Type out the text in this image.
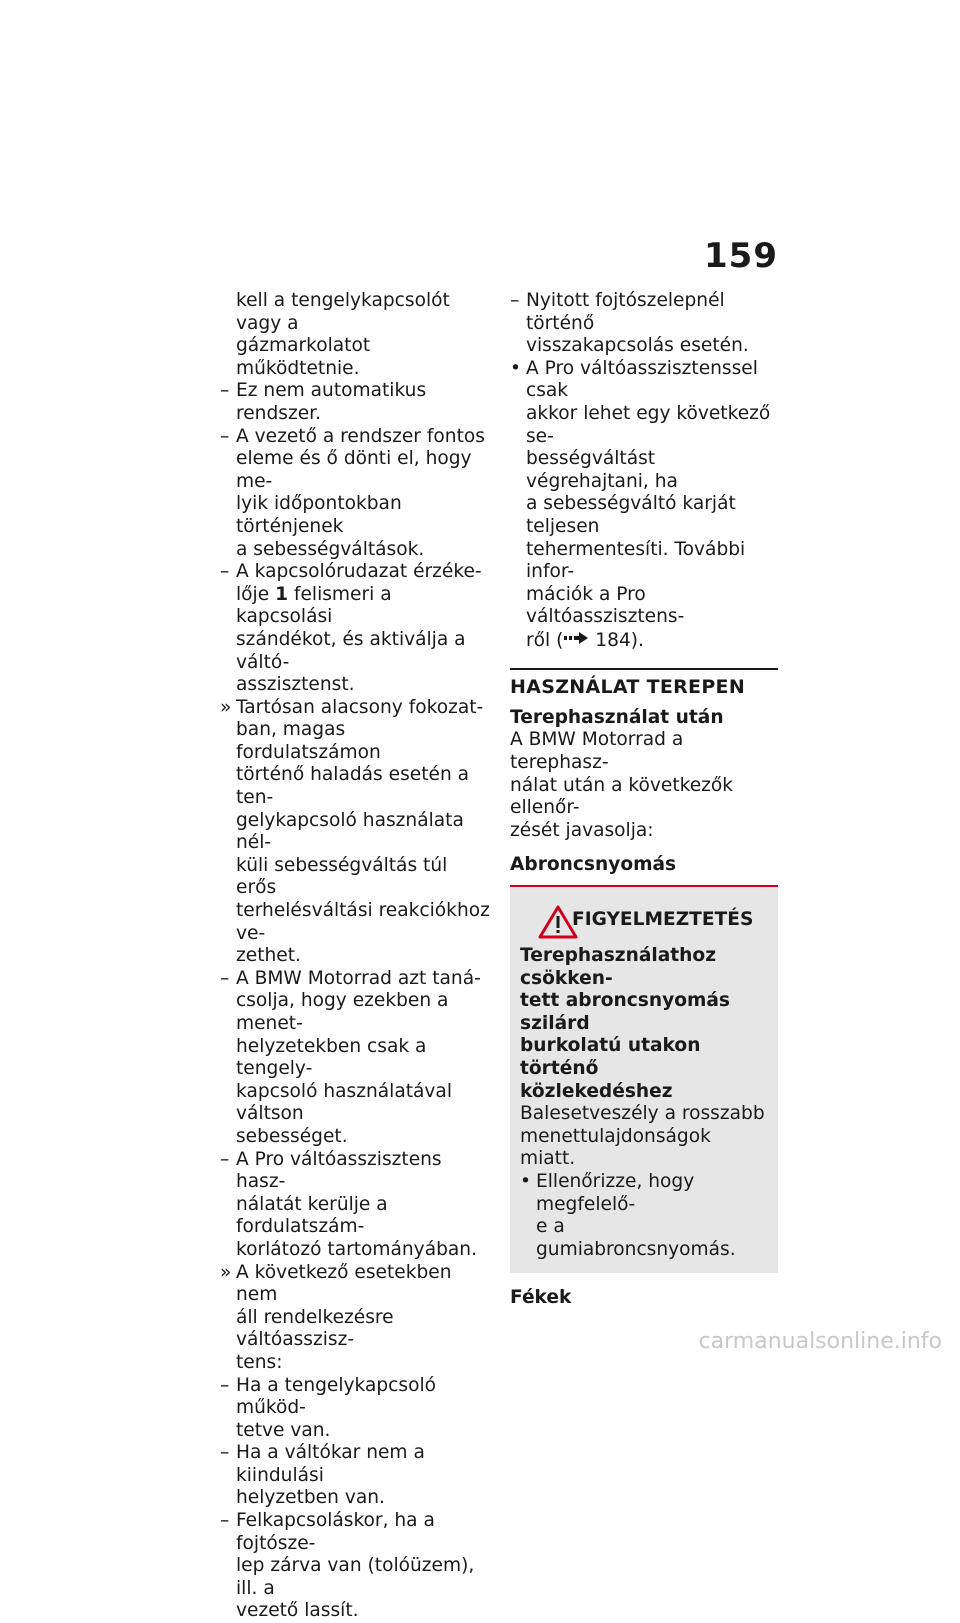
159
kell a tengelykapcsolót vagy a
gázmarkolatot működtetnie.
– Ez nem automatikus rendszer.
– A vezető a rendszer fontos
eleme és ő dönti el, hogy me-
lyik időpontokban történjenek
a sebességváltások.
– A kapcsolórudazat érzéke-
lője 1 felismeri a kapcsolási
szándékot, és aktiválja a váltó-
asszisztenst.
» Tartósan alacsony fokozat-
ban, magas fordulatszámon
történő haladás esetén a ten-
gelykapcsoló használata nél-
küli sebességváltás túl erős
terhelésváltási reakciókhoz ve-
zethet.
– A BMW Motorrad azt taná-
csolja, hogy ezekben a menet-
helyzetekben csak a tengely-
kapcsoló használatával váltson
sebességet.
– A Pro váltóasszisztens hasz-
nálatát kerülje a fordulatszám-
korlátozó tartományában.
» A következő esetekben nem
áll rendelkezésre váltóasszisz-
tens:
– Ha a tengelykapcsoló működ-
tetve van.
– Ha a váltókar nem a kiindulási
helyzetben van.
– Felkapcsoláskor, ha a fojtósze-
lep zárva van (tolóüzem), ill. a
vezető lassít.
– Nyitott fojtószelepnél történő
visszakapcsolás esetén.
• A Pro váltóasszisztenssel csak
akkor lehet egy következő se-
bességváltást végrehajtani, ha
a sebességváltó karját teljesen
tehermentesíti. További infor-
mációk a Pro váltóasszisztens-
ről ( 184).
HASZNÁLAT TEREPEN
Terephasználat után
A BMW Motorrad a terephasz-
nálat után a következők ellenőr-
zését javasolja:
Abroncsnyomás
FIGYELMEZTETÉS
Terephasználathoz csökken-
tett abroncsnyomás szilárd
burkolatú utakon történő
közlekedéshez
Balesetveszély a rosszabb
menettulajdonságok miatt.
• Ellenőrizze, hogy megfelelő-
e a gumiabroncsnyomás.
Fékek
carmanualsonline.info
